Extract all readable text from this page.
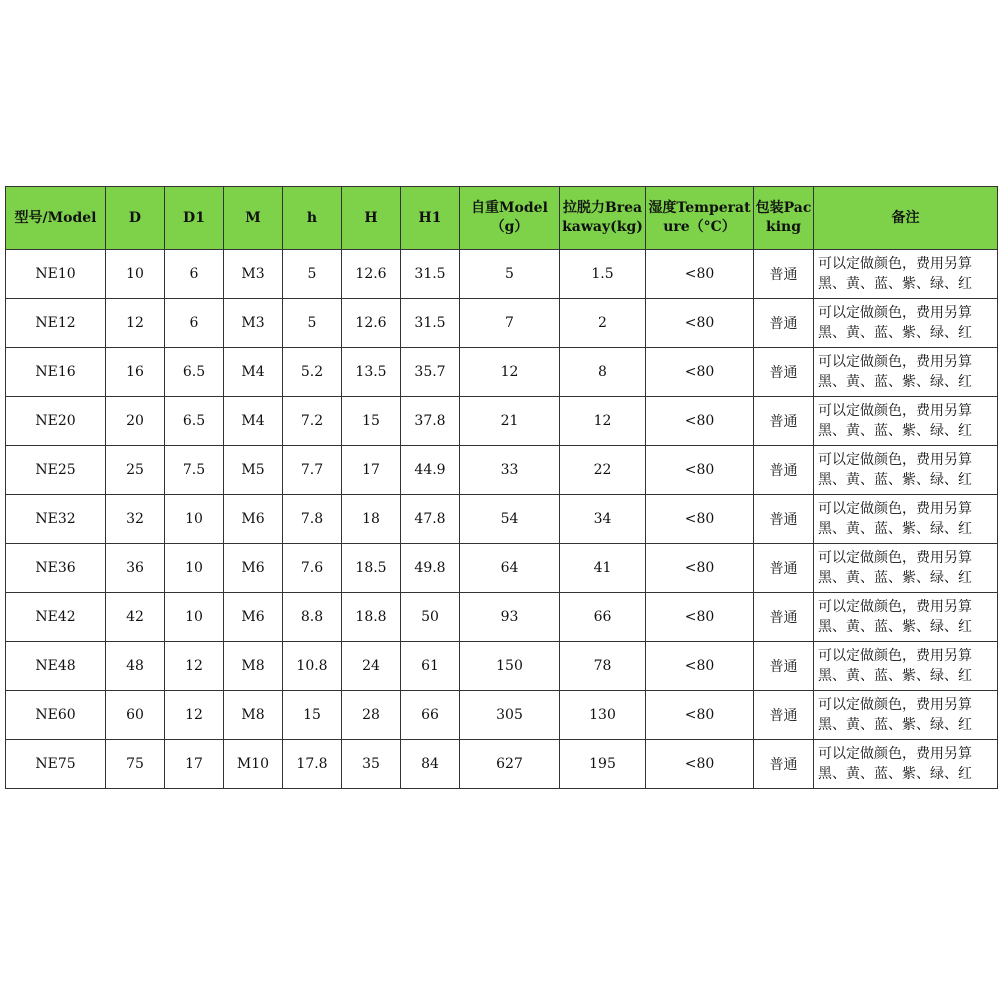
型号/Model	D	D1	M	h	H	H1	自重Model（g）	拉脱力Breakaway(kg)	湿度Temperature（°C）	包装Packing	备注
NE10	10	6	M3	5	12.6	31.5	5	1.5	<80	普通	可以定做颜色，费用另算
黑、黄、蓝、紫、绿、红

NE12	12	6	M3	5	12.6	31.5	7	2	<80	普通	可以定做颜色，费用另算
黑、黄、蓝、紫、绿、红

NE16	16	6.5	M4	5.2	13.5	35.7	12	8	<80	普通	可以定做颜色，费用另算
黑、黄、蓝、紫、绿、红

NE20	20	6.5	M4	7.2	15	37.8	21	12	<80	普通	可以定做颜色，费用另算
黑、黄、蓝、紫、绿、红

NE25	25	7.5	M5	7.7	17	44.9	33	22	<80	普通	可以定做颜色，费用另算
黑、黄、蓝、紫、绿、红

NE32	32	10	M6	7.8	18	47.8	54	34	<80	普通	可以定做颜色，费用另算
黑、黄、蓝、紫、绿、红

NE36	36	10	M6	7.6	18.5	49.8	64	41	<80	普通	可以定做颜色，费用另算
黑、黄、蓝、紫、绿、红

NE42	42	10	M6	8.8	18.8	50	93	66	<80	普通	可以定做颜色，费用另算
黑、黄、蓝、紫、绿、红

NE48	48	12	M8	10.8	24	61	150	78	<80	普通	可以定做颜色，费用另算
黑、黄、蓝、紫、绿、红

NE60	60	12	M8	15	28	66	305	130	<80	普通	可以定做颜色，费用另算
黑、黄、蓝、紫、绿、红

NE75	75	17	M10	17.8	35	84	627	195	<80	普通	可以定做颜色，费用另算
黑、黄、蓝、紫、绿、红
